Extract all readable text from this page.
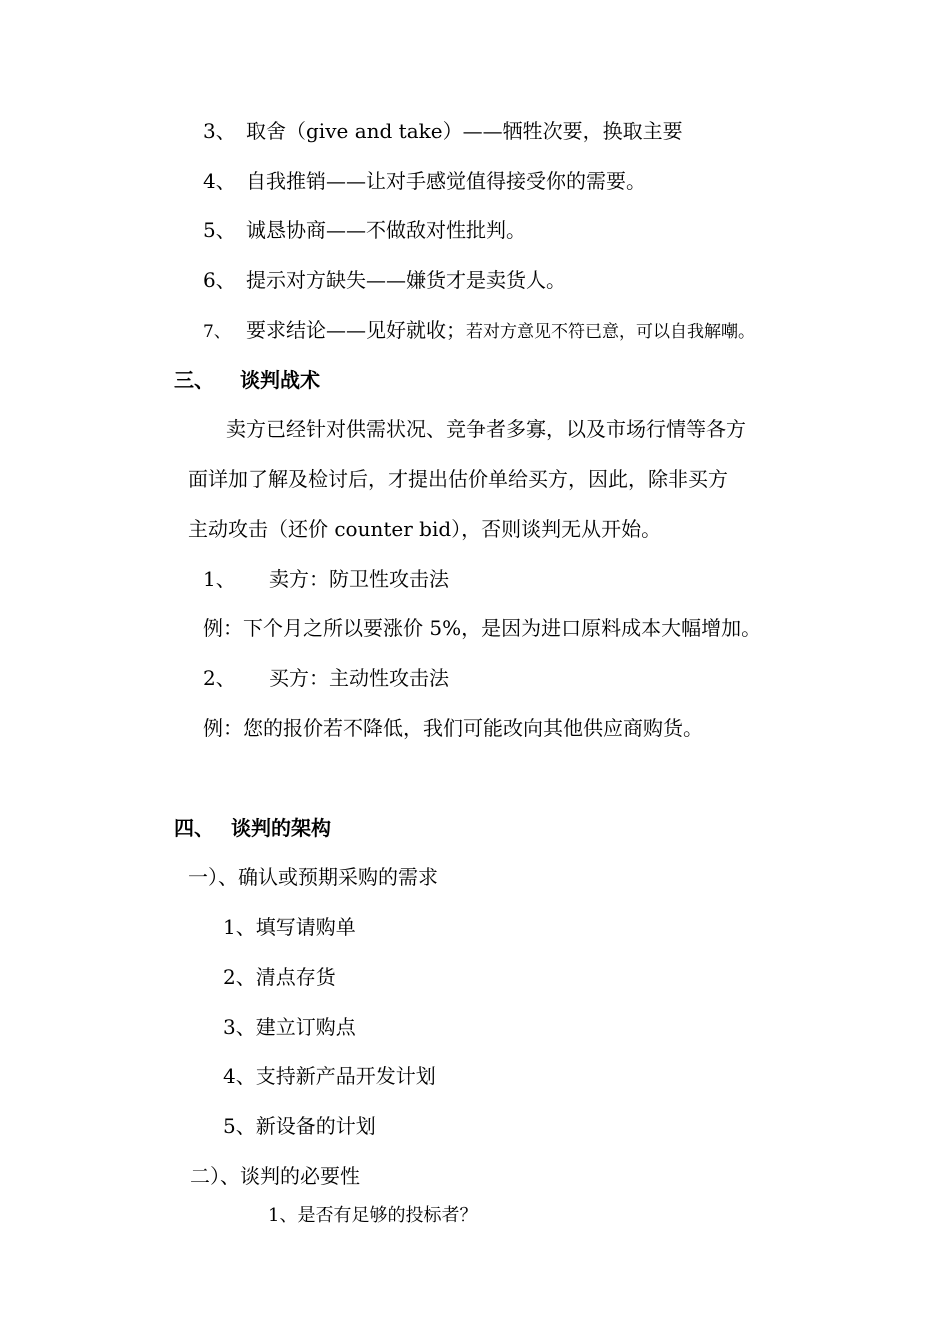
3、 取舍（give and take）——牺牲次要，换取主要
4、 自我推销——让对手感觉值得接受你的需要。
5、 诚恳协商——不做敌对性批判。
6、 提示对方缺失——嫌货才是卖货人。
7、 要求结论——见好就收；若对方意见不符已意，可以自我解嘲。
三、 谈判战术
卖方已经针对供需状况、竞争者多寡，以及市场行情等各方
面详加了解及检讨后，才提出估价单给买方，因此，除非买方
主动攻击（还价 counter bid），否则谈判无从开始。
1、 卖方：防卫性攻击法
例：下个月之所以要涨价 5%，是因为进口原料成本大幅增加。
2、 买方：主动性攻击法
例：您的报价若不降低，我们可能改向其他供应商购货。
四、 谈判的架构
一）、确认或预期采购的需求
1、填写请购单
2、清点存货
3、建立订购点
4、支持新产品开发计划
5、新设备的计划
二）、谈判的必要性
1、是否有足够的投标者？
